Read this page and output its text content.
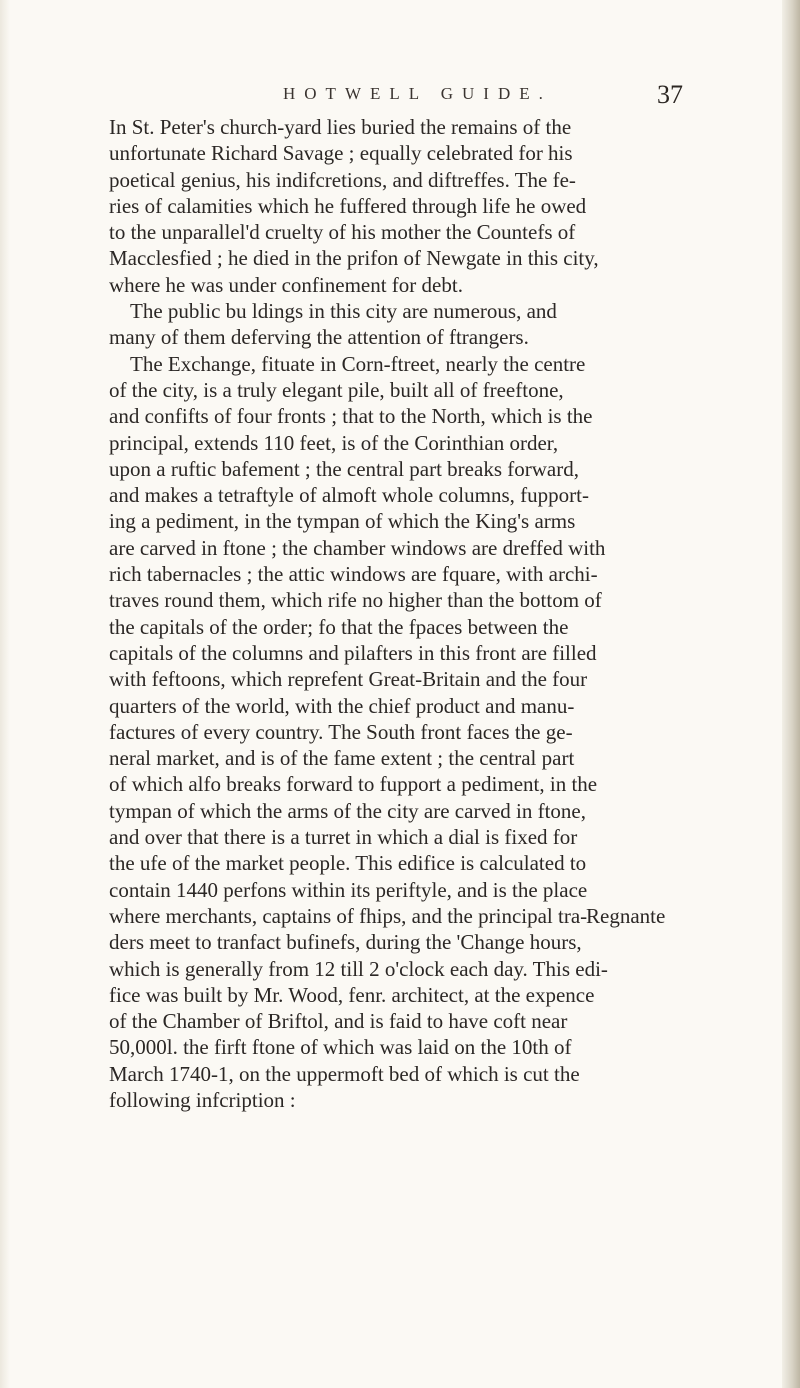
HOTWELL GUIDE.	37
In St. Peter's church-yard lies buried the remains of the
unfortunate Richard Savage ; equally celebrated for his
poetical genius, his indifcretions, and diftreffes. The fe-
ries of calamities which he fuffered through life he owed
to the unparallel'd cruelty of his mother the Countefs of
Macclesfied ; he died in the prifon of Newgate in this city,
where he was under confinement for debt.
The public bu ldings in this city are numerous, and
many of them deferving the attention of ftrangers.
The Exchange, fituate in Corn-ftreet, nearly the centre
of the city, is a truly elegant pile, built all of freeftone,
and confifts of four fronts ; that to the North, which is the
principal, extends 110 feet, is of the Corinthian order,
upon a ruftic bafement ; the central part breaks forward,
and makes a tetraftyle of almoft whole columns, fupport-
ing a pediment, in the tympan of which the King's arms
are carved in ftone ; the chamber windows are dreffed with
rich tabernacles ; the attic windows are fquare, with archi-
traves round them, which rife no higher than the bottom of
the capitals of the order; fo that the fpaces between the
capitals of the columns and pilafters in this front are filled
with feftoons, which reprefent Great-Britain and the four
quarters of the world, with the chief product and manu-
factures of every country. The South front faces the ge-
neral market, and is of the fame extent ; the central part
of which alfo breaks forward to fupport a pediment, in the
tympan of which the arms of the city are carved in ftone,
and over that there is a turret in which a dial is fixed for
the ufe of the market people. This edifice is calculated to
contain 1440 perfons within its periftyle, and is the place
where merchants, captains of fhips, and the principal tra-
ders meet to tranfact bufinefs, during the 'Change hours,
which is generally from 12 till 2 o'clock each day. This edi-
fice was built by Mr. Wood, fenr. architect, at the expence
of the Chamber of Briftol, and is faid to have coft near
50,000l. the firft ftone of which was laid on the 10th of
March 1740-1, on the uppermoft bed of which is cut the
following infcription :
Regnante
